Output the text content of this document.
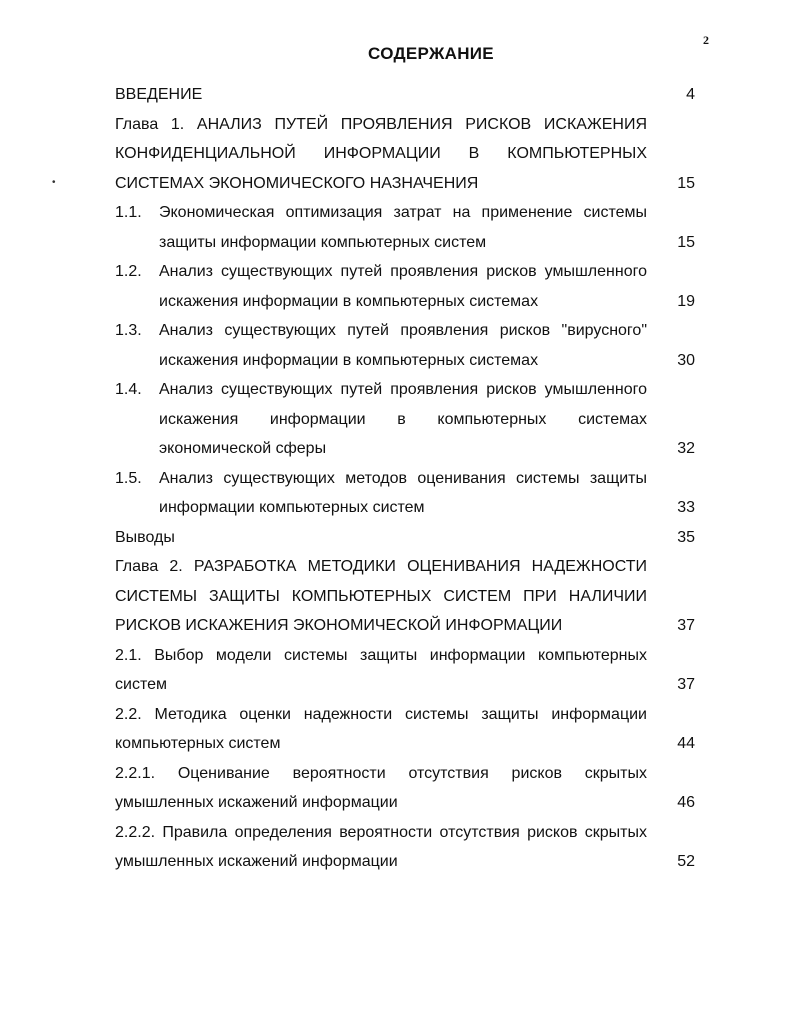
2
СОДЕРЖАНИЕ
•
ВВЕДЕНИЕ	4
Глава 1. АНАЛИЗ ПУТЕЙ ПРОЯВЛЕНИЯ РИСКОВ ИСКАЖЕНИЯ КОНФИДЕНЦИАЛЬНОЙ ИНФОРМАЦИИ В КОМПЬЮТЕРНЫХ СИСТЕМАХ ЭКОНОМИЧЕСКОГО НАЗНАЧЕНИЯ	15
1.1.	Экономическая оптимизация затрат на применение системы защиты информации компьютерных систем	15
1.2.	Анализ существующих путей проявления рисков умышленного искажения информации в компьютерных системах	19
1.3.	Анализ существующих путей проявления рисков "вирусного" искажения информации в компьютерных системах	30
1.4.	Анализ существующих путей проявления рисков умышленного искажения информации в компьютерных системах экономической сферы	32
1.5.	Анализ существующих методов оценивания системы защиты информации компьютерных систем	33
Выводы	35
Глава 2. РАЗРАБОТКА МЕТОДИКИ ОЦЕНИВАНИЯ НАДЕЖНОСТИ СИСТЕМЫ ЗАЩИТЫ КОМПЬЮТЕРНЫХ СИСТЕМ ПРИ НАЛИЧИИ РИСКОВ ИСКАЖЕНИЯ ЭКОНОМИЧЕСКОЙ ИНФОРМАЦИИ	37
2.1. Выбор модели системы защиты информации компьютерных систем	37
2.2. Методика оценки надежности системы защиты информации компьютерных систем	44
2.2.1. Оценивание вероятности отсутствия рисков скрытых умышленных искажений информации	46
2.2.2. Правила определения вероятности отсутствия рисков скрытых умышленных искажений информации	52
